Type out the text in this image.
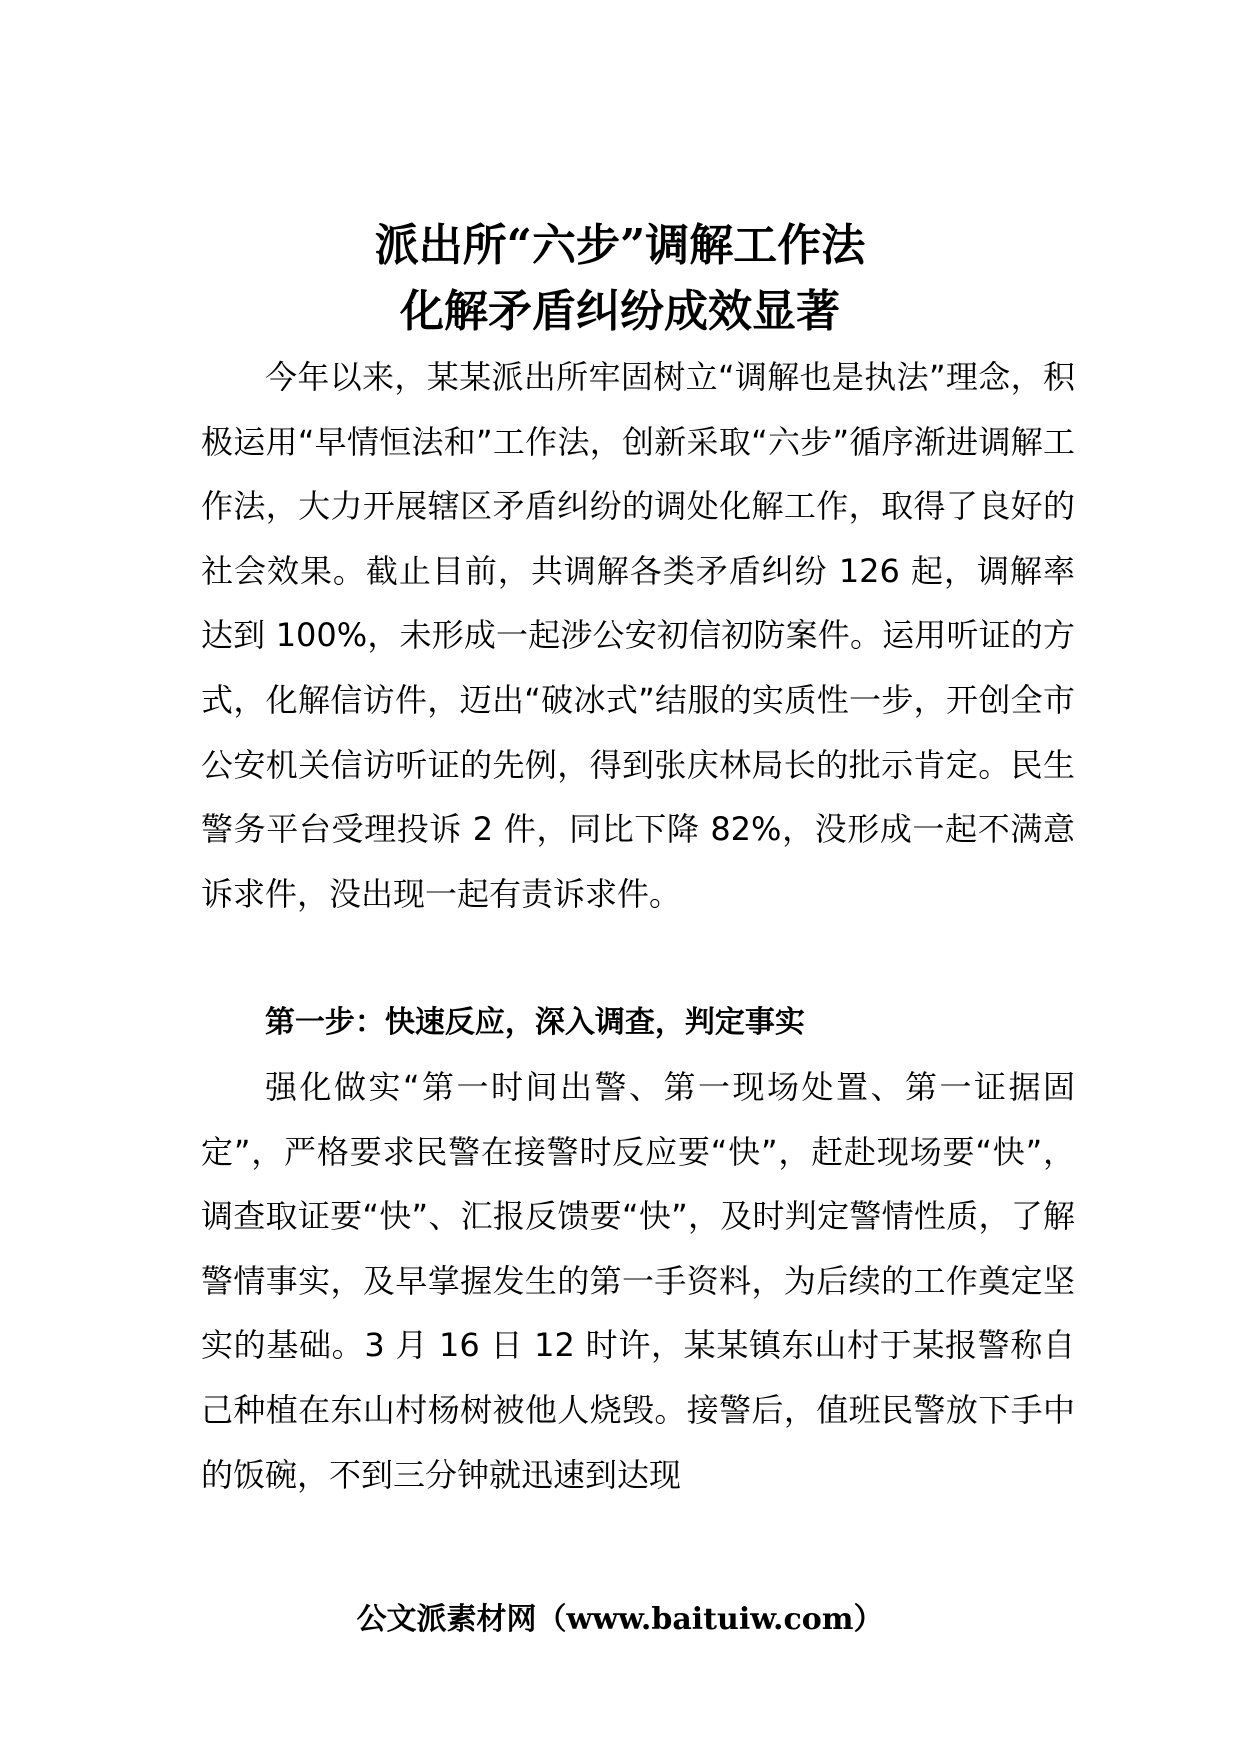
派出所“六步”调解工作法
化解矛盾纠纷成效显著

今年以来，某某派出所牢固树立“调解也是执法”理念，积极运用“早情恒法和”工作法，创新采取“六步”循序渐进调解工作法，大力开展辖区矛盾纠纷的调处化解工作，取得了良好的社会效果。截止目前，共调解各类矛盾纠纷 126 起，调解率达到 100%，未形成一起涉公安初信初防案件。运用听证的方式，化解信访件，迈出“破冰式”结服的实质性一步，开创全市公安机关信访听证的先例，得到张庆林局长的批示肯定。民生警务平台受理投诉 2 件，同比下降 82%，没形成一起不满意诉求件，没出现一起有责诉求件。

第一步：快速反应，深入调查，判定事实

强化做实“第一时间出警、第一现场处置、第一证据固定”，严格要求民警在接警时反应要“快”，赶赴现场要“快”，调查取证要“快”、汇报反馈要“快”，及时判定警情性质，了解警情事实，及早掌握发生的第一手资料，为后续的工作奠定坚实的基础。3 月 16 日 12 时许，某某镇东山村于某报警称自己种植在东山村杨树被他人烧毁。接警后，值班民警放下手中的饭碗，不到三分钟就迅速到达现

公文派素材网（www.baituiw.com）
